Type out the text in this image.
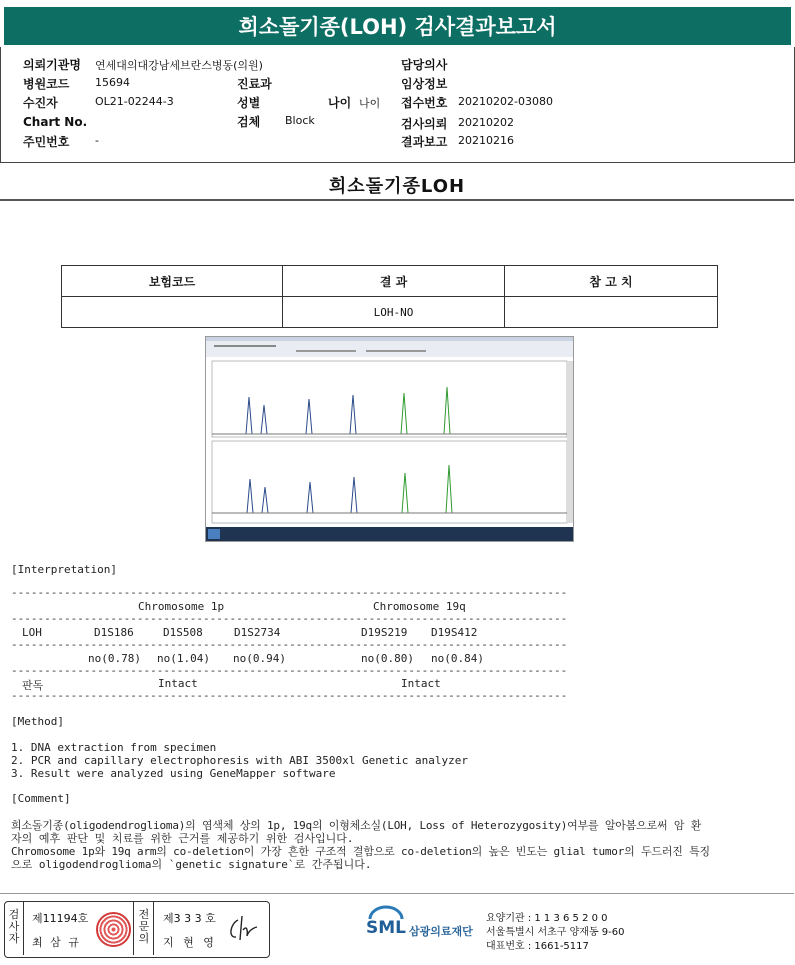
희소돌기종(LOH) 검사결과보고서
의뢰기관명 연세대의대강남세브란스병동(의원)
병원코드 15694
수진자	OL21-02244-3
Chart No.
주민번호 -
진료과
성별	나이 나이
검체 Block
담당의사
임상정보
접수번호 20210202-03080
검사의뢰 20210202
결과보고 20210216
희소돌기종LOH
보험코드	결 과	참 고 치
	LOH-NO	
[Interpretation]
------------------------------------------------------------------------------------
Chromosome 1p	Chromosome 19q
------------------------------------------------------------------------------------
LOH	D1S186	D1S508	D1S2734	D19S219 D19S412
------------------------------------------------------------------------------------
no(0.78) no(1.04) no(0.94)	no(0.80) no(0.84)
------------------------------------------------------------------------------------
판독	Intact	Intact
------------------------------------------------------------------------------------
[Method]
1. DNA extraction from specimen
2. PCR and capillary electrophoresis with ABI 3500xl Genetic analyzer
3. Result were analyzed using GeneMapper software
[Comment]
희소돌기종(oligodendroglioma)의 염색체 상의 1p, 19q의 이형체소실(LOH, Loss of Heterozygosity)여부를 알아봄으로써 암 환
자의 예후 판단 및 치료를 위한 근거를 제공하기 위한 검사입니다.
Chromosome 1p와 19q arm의 co-deletion이 가장 흔한 구조적 결함으로 co-deletion의 높은 빈도는 glial tumor의 두드러진 특징
으로 oligodendroglioma의 `genetic signature`로 간주됩니다.
검사자
제11194호
최 삼 규
전문의
제3 3 3 호
지 현 영
SML 삼광의료재단
요양기관 : 1 1 3 6 5 2 0 0
서울특별시 서초구 양재동 9-60
대표번호 : 1661-5117
